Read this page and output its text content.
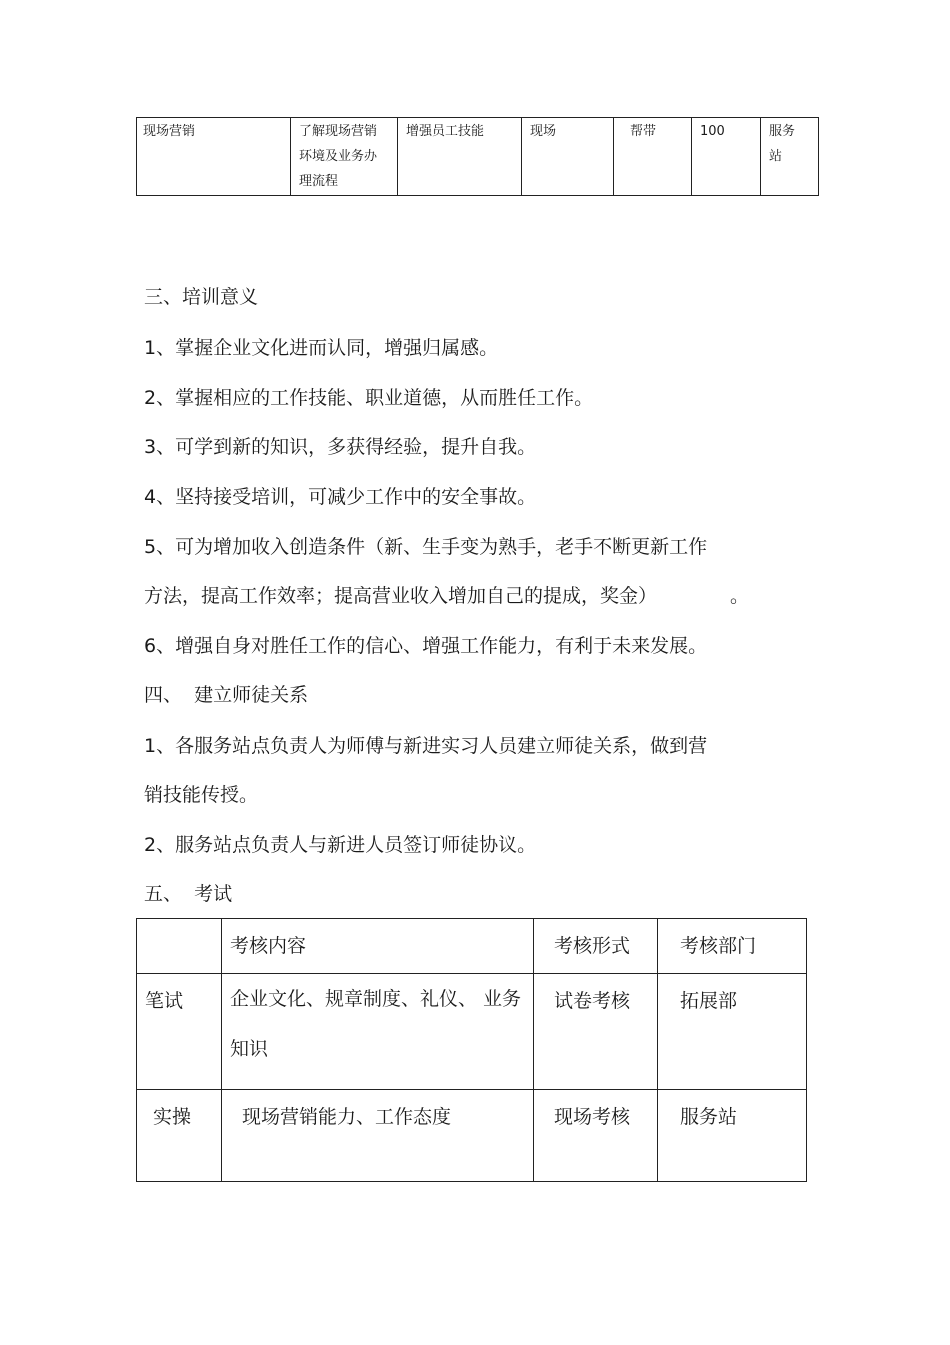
现场营销	了解现场营销环境及业务办理流程	增强员工技能	现场	帮带	100	服务站
三、培训意义
1、掌握企业文化进而认同，增强归属感。
2、掌握相应的工作技能、职业道德，从而胜任工作。
3、可学到新的知识，多获得经验，提升自我。
4、坚持接受培训，可减少工作中的安全事故。
5、可为增加收入创造条件（新、生手变为熟手，老手不断更新工作
方法，提高工作效率；提高营业收入增加自己的提成，奖金）	。
6、增强自身对胜任工作的信心、增强工作能力，有利于未来发展。
四、  建立师徒关系
1、各服务站点负责人为师傅与新进实习人员建立师徒关系，做到营
销技能传授。
2、服务站点负责人与新进人员签订师徒协议。
五、  考试
	考核内容	考核形式	考核部门
笔试	企业文化、规章制度、礼仪、 业务知识	试卷考核	拓展部
实操	现场营销能力、工作态度	现场考核	服务站
